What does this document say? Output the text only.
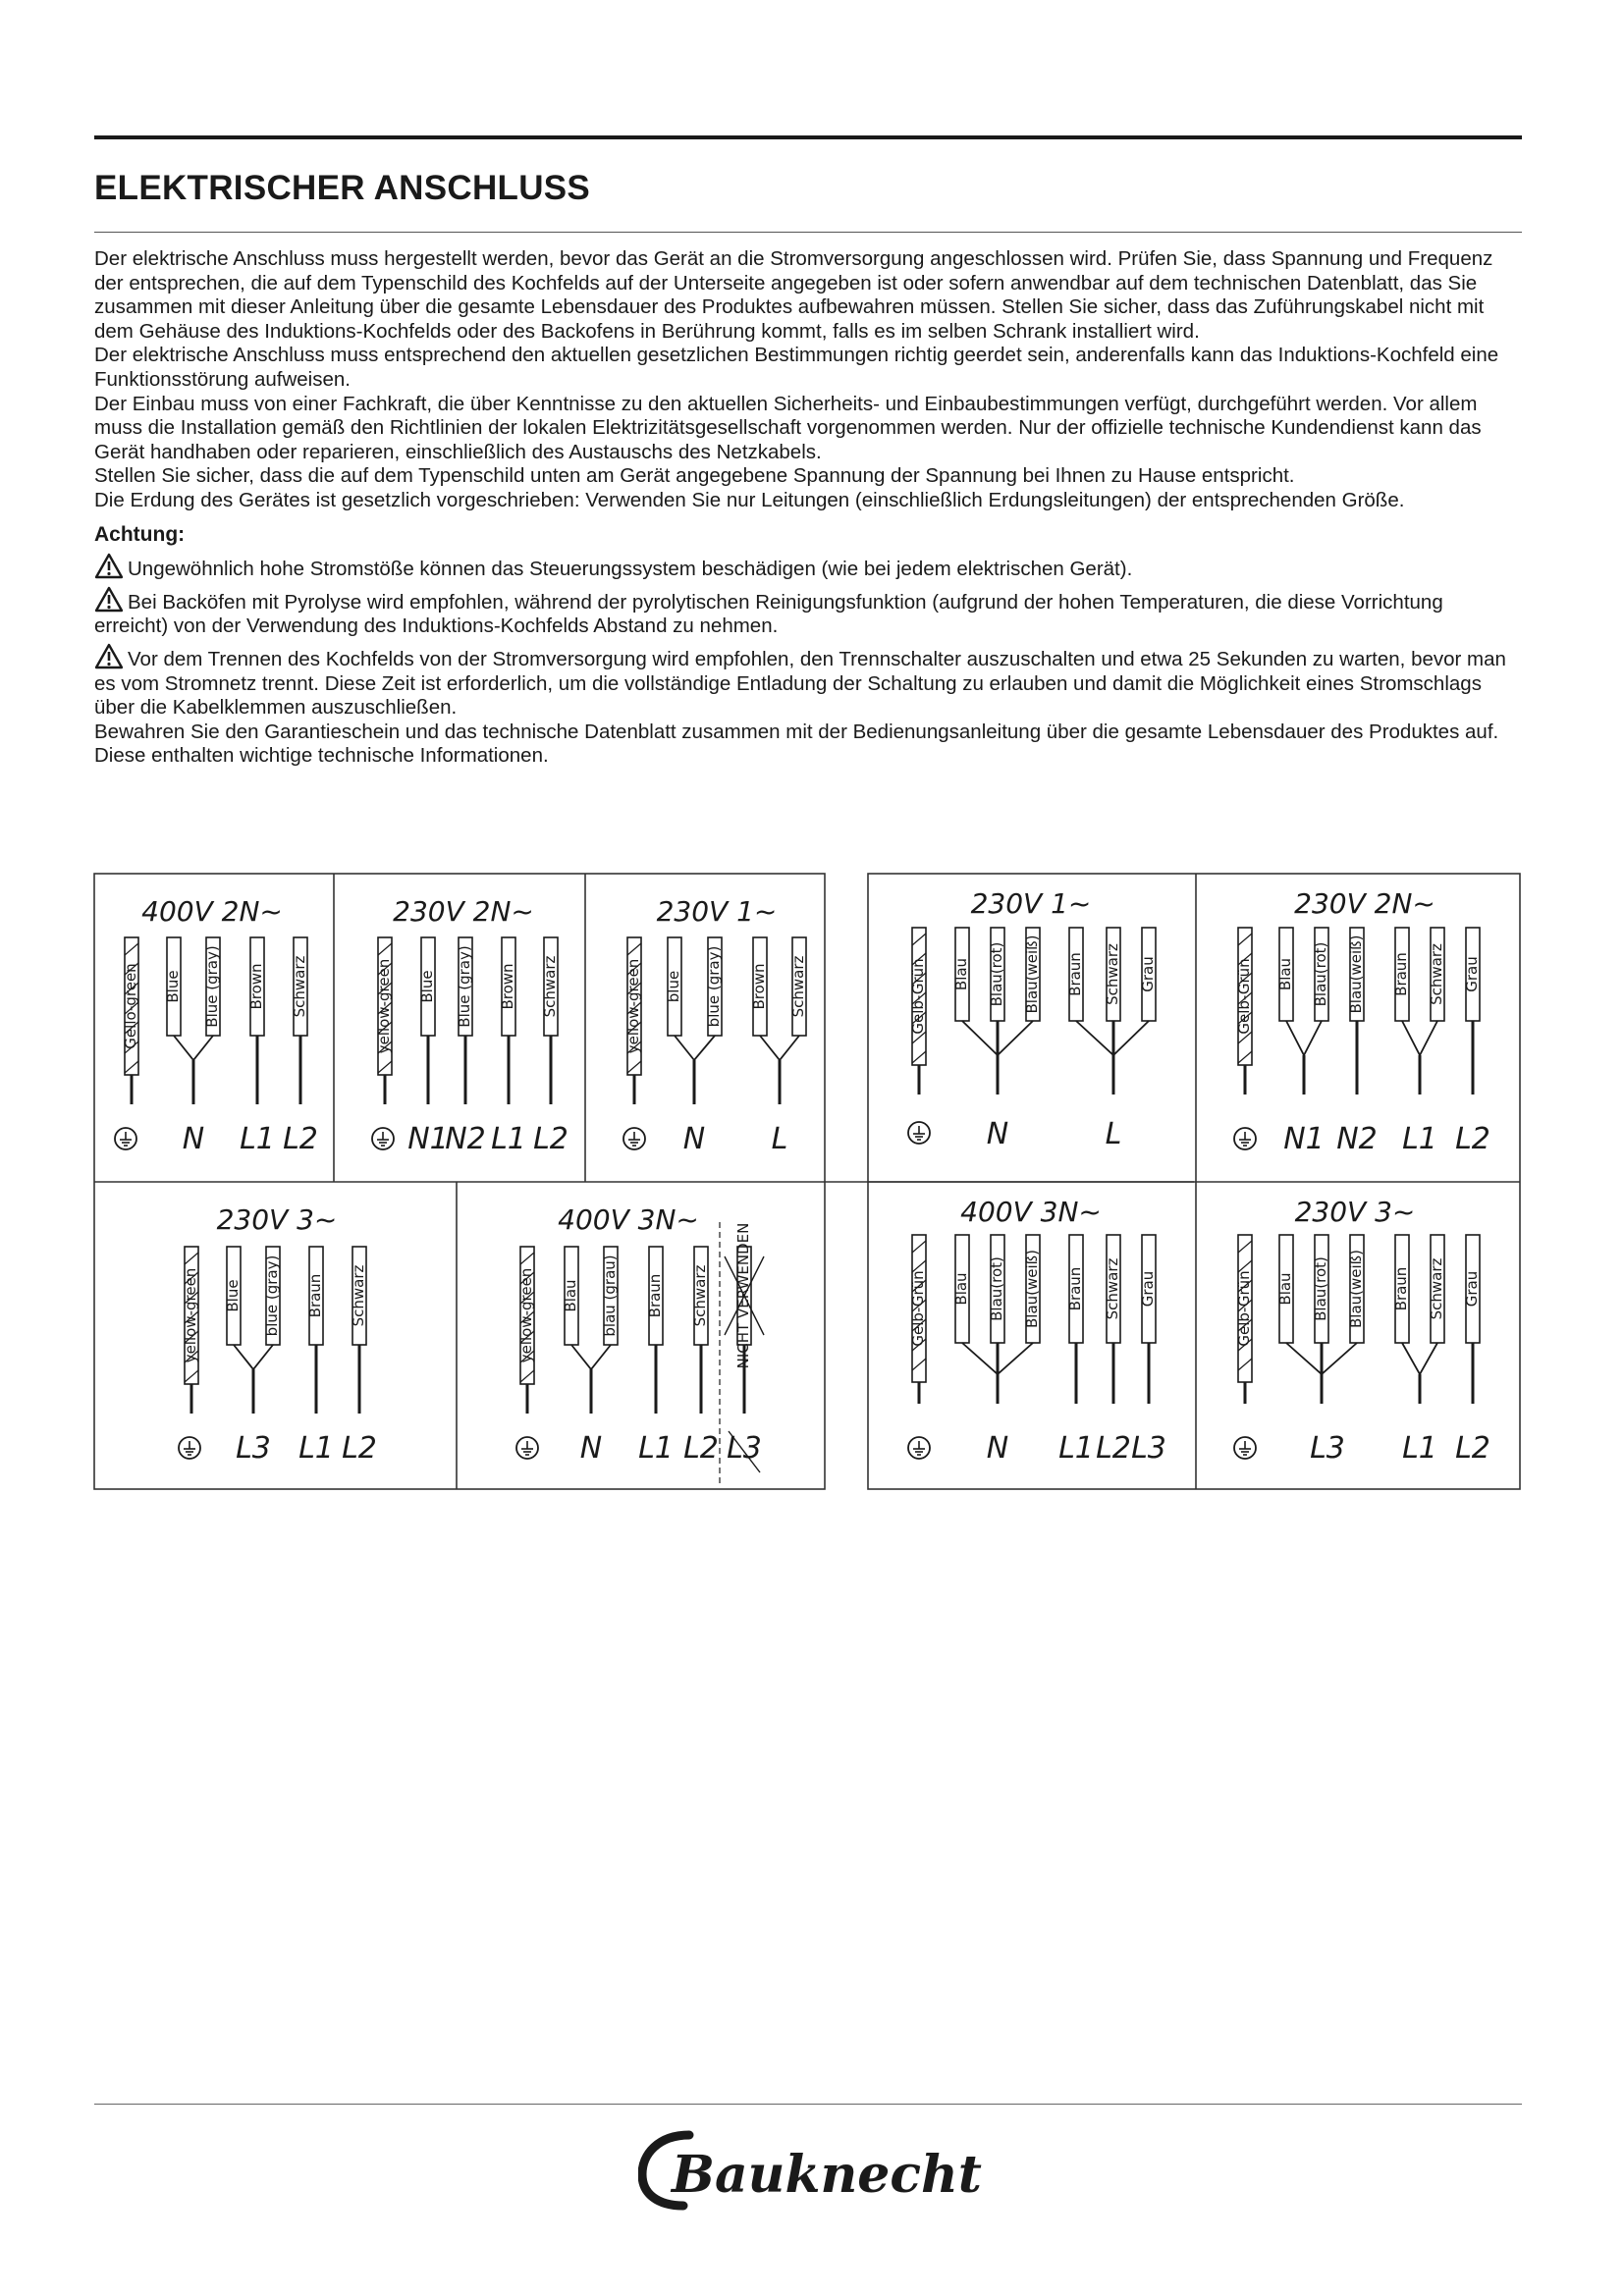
ELEKTRISCHER ANSCHLUSS

Der elektrische Anschluss muss hergestellt werden, bevor das Gerät an die Stromversorgung angeschlossen wird. Prüfen Sie, dass Spannung und Frequenz der entsprechen, die auf dem Typenschild des Kochfelds auf der Unterseite angegeben ist oder sofern anwendbar auf dem technischen Datenblatt, das Sie zusammen mit dieser Anleitung über die gesamte Lebensdauer des Produktes aufbewahren müssen. Stellen Sie sicher, dass das Zuführungskabel nicht mit dem Gehäuse des Induktions-Kochfelds oder des Backofens in Berührung kommt, falls es im selben Schrank installiert wird.

Der elektrische Anschluss muss entsprechend den aktuellen gesetzlichen Bestimmungen richtig geerdet sein, anderenfalls kann das Induktions-Kochfeld eine Funktionsstörung aufweisen.

Der Einbau muss von einer Fachkraft, die über Kenntnisse zu den aktuellen Sicherheits- und Einbaubestimmungen verfügt, durchgeführt werden. Vor allem muss die Installation gemäß den Richtlinien der lokalen Elektrizitätsgesellschaft vorgenommen werden. Nur der offizielle technische Kundendienst kann das Gerät handhaben oder reparieren, einschließlich des Austauschs des Netzkabels.

Stellen Sie sicher, dass die auf dem Typenschild unten am Gerät angegebene Spannung der Spannung bei Ihnen zu Hause entspricht.

Die Erdung des Gerätes ist gesetzlich vorgeschrieben: Verwenden Sie nur Leitungen (einschließlich Erdungsleitungen) der entsprechenden Größe.

Achtung:

Ungewöhnlich hohe Stromstöße können das Steuerungssystem beschädigen (wie bei jedem elektrischen Gerät).

Bei Backöfen mit Pyrolyse wird empfohlen, während der pyrolytischen Reinigungsfunktion (aufgrund der hohen Temperaturen, die diese Vorrichtung erreicht) von der Verwendung des Induktions-Kochfelds Abstand zu nehmen.

Vor dem Trennen des Kochfelds von der Stromversorgung wird empfohlen, den Trennschalter auszuschalten und etwa 25 Sekunden zu warten, bevor man es vom Stromnetz trennt. Diese Zeit ist erforderlich, um die vollständige Entladung der Schaltung zu erlauben und damit die Möglichkeit eines Stromschlags über die Kabelklemmen auszuschließen.

Bewahren Sie den Garantieschein und das technische Datenblatt zusammen mit der Bedienungsanleitung über die gesamte Lebensdauer des Produktes auf. Diese enthalten wichtige technische Informationen.

400V 2N~
Gello-green Blue Blue (gray) Brown Schwarz
N L1 L2
230V 2N~
yellow-green Blue Blue (gray) Brown Schwarz
N1
N2 L1 L2
230V 1~
yellow-green blue blue (gray) Brown Schwarz
N L
230V 3~
yellow-green Blue blue (gray) Braun Schwarz
L3 L1 L2
400V 3N~
yellow-green Blau blau (grau) Braun Schwarz NICHT VERWENDEN
N L1 L2 L3
230V 1~
Gelb-Grün Blau Blau(rot) Blau(weiß) Braun Schwarz Grau
N	L
230V 2N~
Gelb-Grün Blau Blau(rot) Blau(weiß) Braun Schwarz Grau
N1 N2 L1 L2
400V 3N~
Gelb-Grün Blau Blau(rot) Blau(weiß) Braun Schwarz Grau
N L1 L2 L3
230V 3~
Gelb-Grün Blau Blau(rot) Blau(weiß) Braun Schwarz Grau
L3 L1 L2
Bauknecht
